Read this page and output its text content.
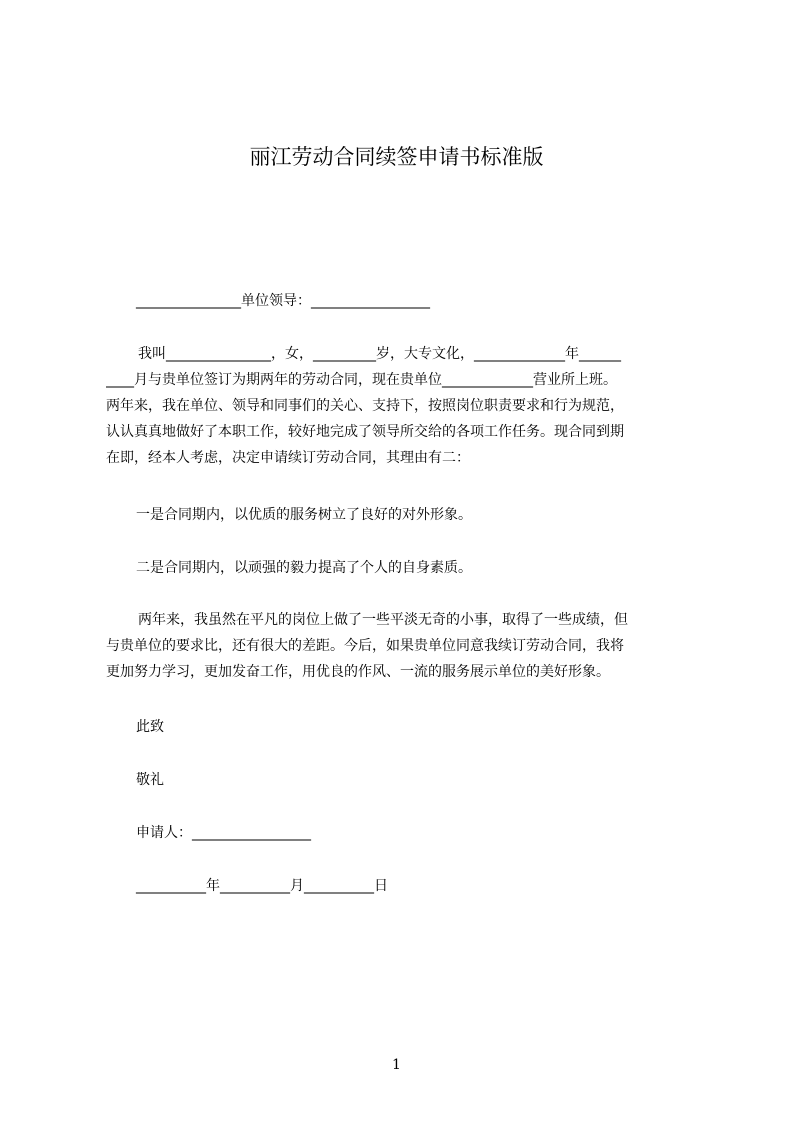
丽江劳动合同续签申请书标准版
_______________单位领导：_________________
我叫_______________，女，_________岁，大专文化，_____________年______
____月与贵单位签订为期两年的劳动合同，现在贵单位_____________营业所上班。
两年来，我在单位、领导和同事们的关心、支持下，按照岗位职责要求和行为规范，
认认真真地做好了本职工作，较好地完成了领导所交给的各项工作任务。现合同到期
在即，经本人考虑，决定申请续订劳动合同，其理由有二：
一是合同期内，以优质的服务树立了良好的对外形象。
二是合同期内，以顽强的毅力提高了个人的自身素质。
两年来，我虽然在平凡的岗位上做了一些平淡无奇的小事，取得了一些成绩，但
与贵单位的要求比，还有很大的差距。今后，如果贵单位同意我续订劳动合同，我将
更加努力学习，更加发奋工作，用优良的作风、一流的服务展示单位的美好形象。
此致
敬礼
申请人：_________________
__________年__________月__________日
1
